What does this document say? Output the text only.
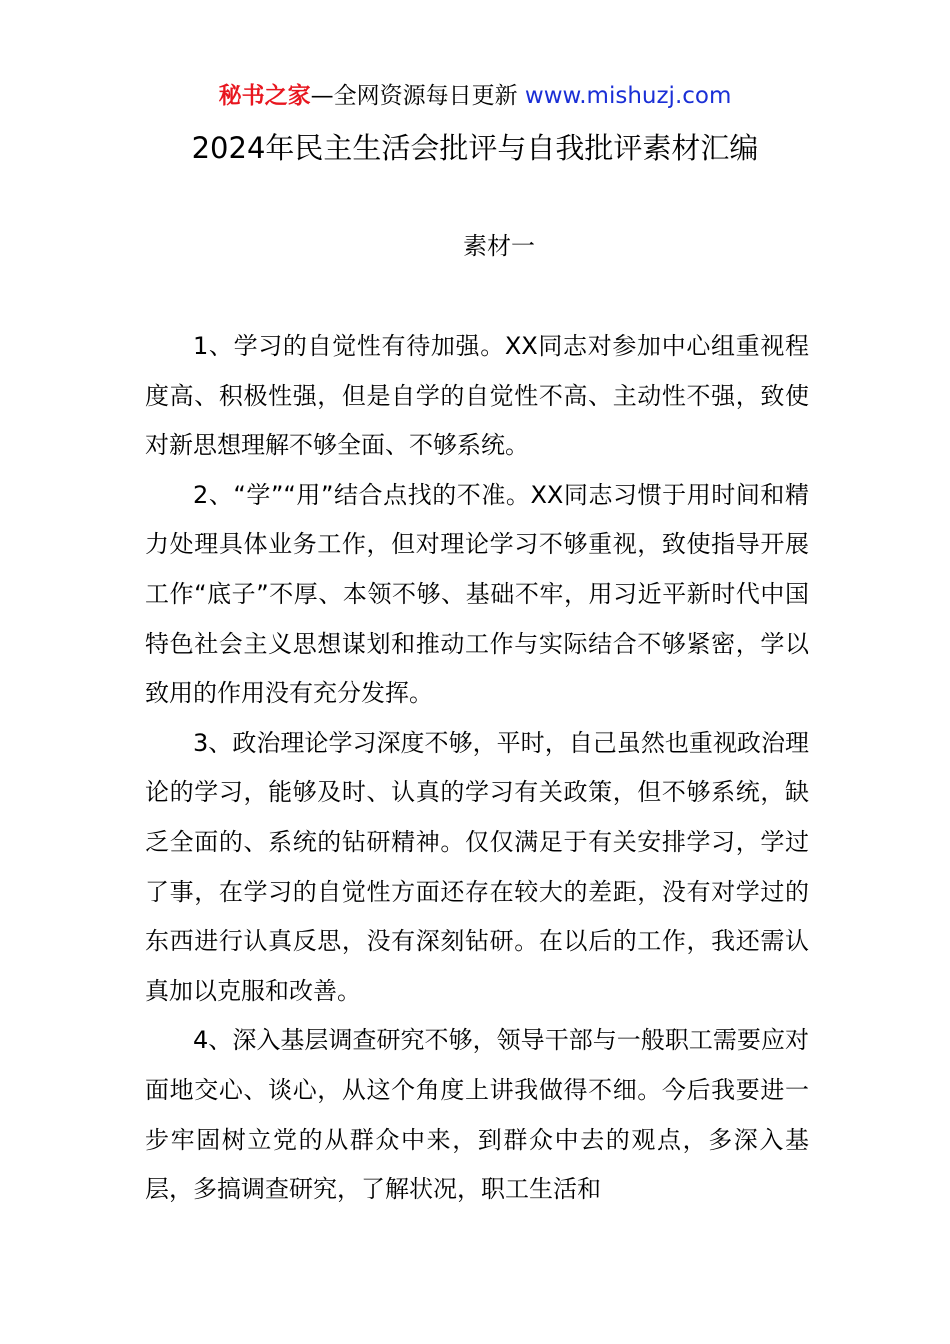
秘书之家—全网资源每日更新 www.mishuzj.com
2024年民主生活会批评与自我批评素材汇编
素材一

1、学习的自觉性有待加强。XX同志对参加中心组重视程度高、积极性强，但是自学的自觉性不高、主动性不强，致使对新思想理解不够全面、不够系统。

2、“学”“用”结合点找的不准。XX同志习惯于用时间和精力处理具体业务工作，但对理论学习不够重视，致使指导开展工作“底子”不厚、本领不够、基础不牢，用习近平新时代中国特色社会主义思想谋划和推动工作与实际结合不够紧密，学以致用的作用没有充分发挥。

3、政治理论学习深度不够，平时，自己虽然也重视政治理论的学习，能够及时、认真的学习有关政策，但不够系统，缺乏全面的、系统的钻研精神。仅仅满足于有关安排学习，学过了事，在学习的自觉性方面还存在较大的差距，没有对学过的东西进行认真反思，没有深刻钻研。在以后的工作，我还需认真加以克服和改善。

4、深入基层调查研究不够，领导干部与一般职工需要应对面地交心、谈心，从这个角度上讲我做得不细。今后我要进一步牢固树立党的从群众中来，到群众中去的观点，多深入基层，多搞调查研究，了解状况，职工生活和
